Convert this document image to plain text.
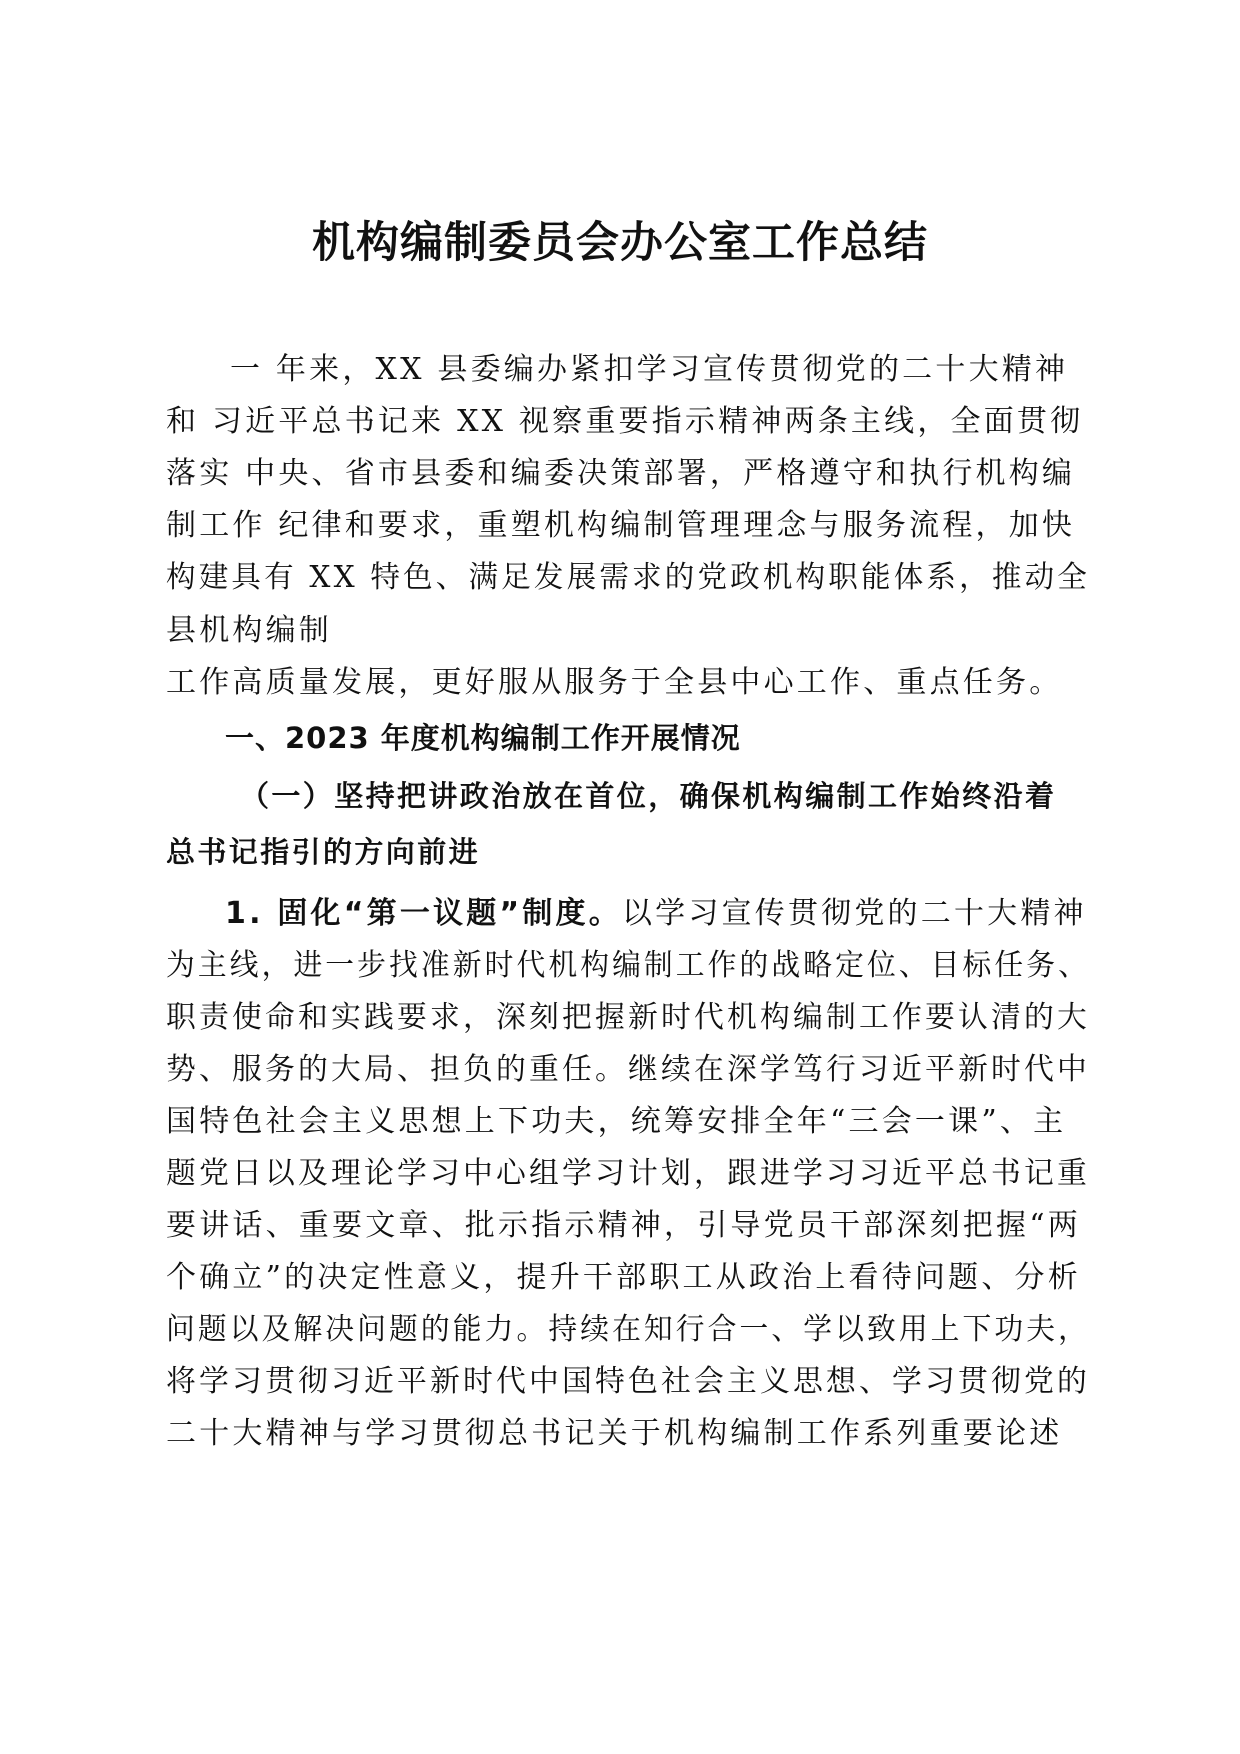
机构编制委员会办公室工作总结
一 年来，XX 县委编办紧扣学习宣传贯彻党的二十大精神
和 习近平总书记来 XX 视察重要指示精神两条主线，全面贯彻
落实 中央、省市县委和编委决策部署，严格遵守和执行机构编
制工作 纪律和要求，重塑机构编制管理理念与服务流程，加快
构建具有 XX 特色、满足发展需求的党政机构职能体系，推动全
县机构编制
工作高质量发展，更好服从服务于全县中心工作、重点任务。
一、2023 年度机构编制工作开展情况
（一）坚持把讲政治放在首位，确保机构编制工作始终沿着
总书记指引的方向前进
1. 固化“第一议题”制度。以学习宣传贯彻党的二十大精神
为主线，进一步找准新时代机构编制工作的战略定位、目标任务、
职责使命和实践要求，深刻把握新时代机构编制工作要认清的大
势、服务的大局、担负的重任。继续在深学笃行习近平新时代中
国特色社会主义思想上下功夫，统筹安排全年“三会一课”、主
题党日以及理论学习中心组学习计划，跟进学习习近平总书记重
要讲话、重要文章、批示指示精神，引导党员干部深刻把握“两
个确立”的决定性意义，提升干部职工从政治上看待问题、分析
问题以及解决问题的能力。持续在知行合一、学以致用上下功夫，
将学习贯彻习近平新时代中国特色社会主义思想、学习贯彻党的
二十大精神与学习贯彻总书记关于机构编制工作系列重要论述
